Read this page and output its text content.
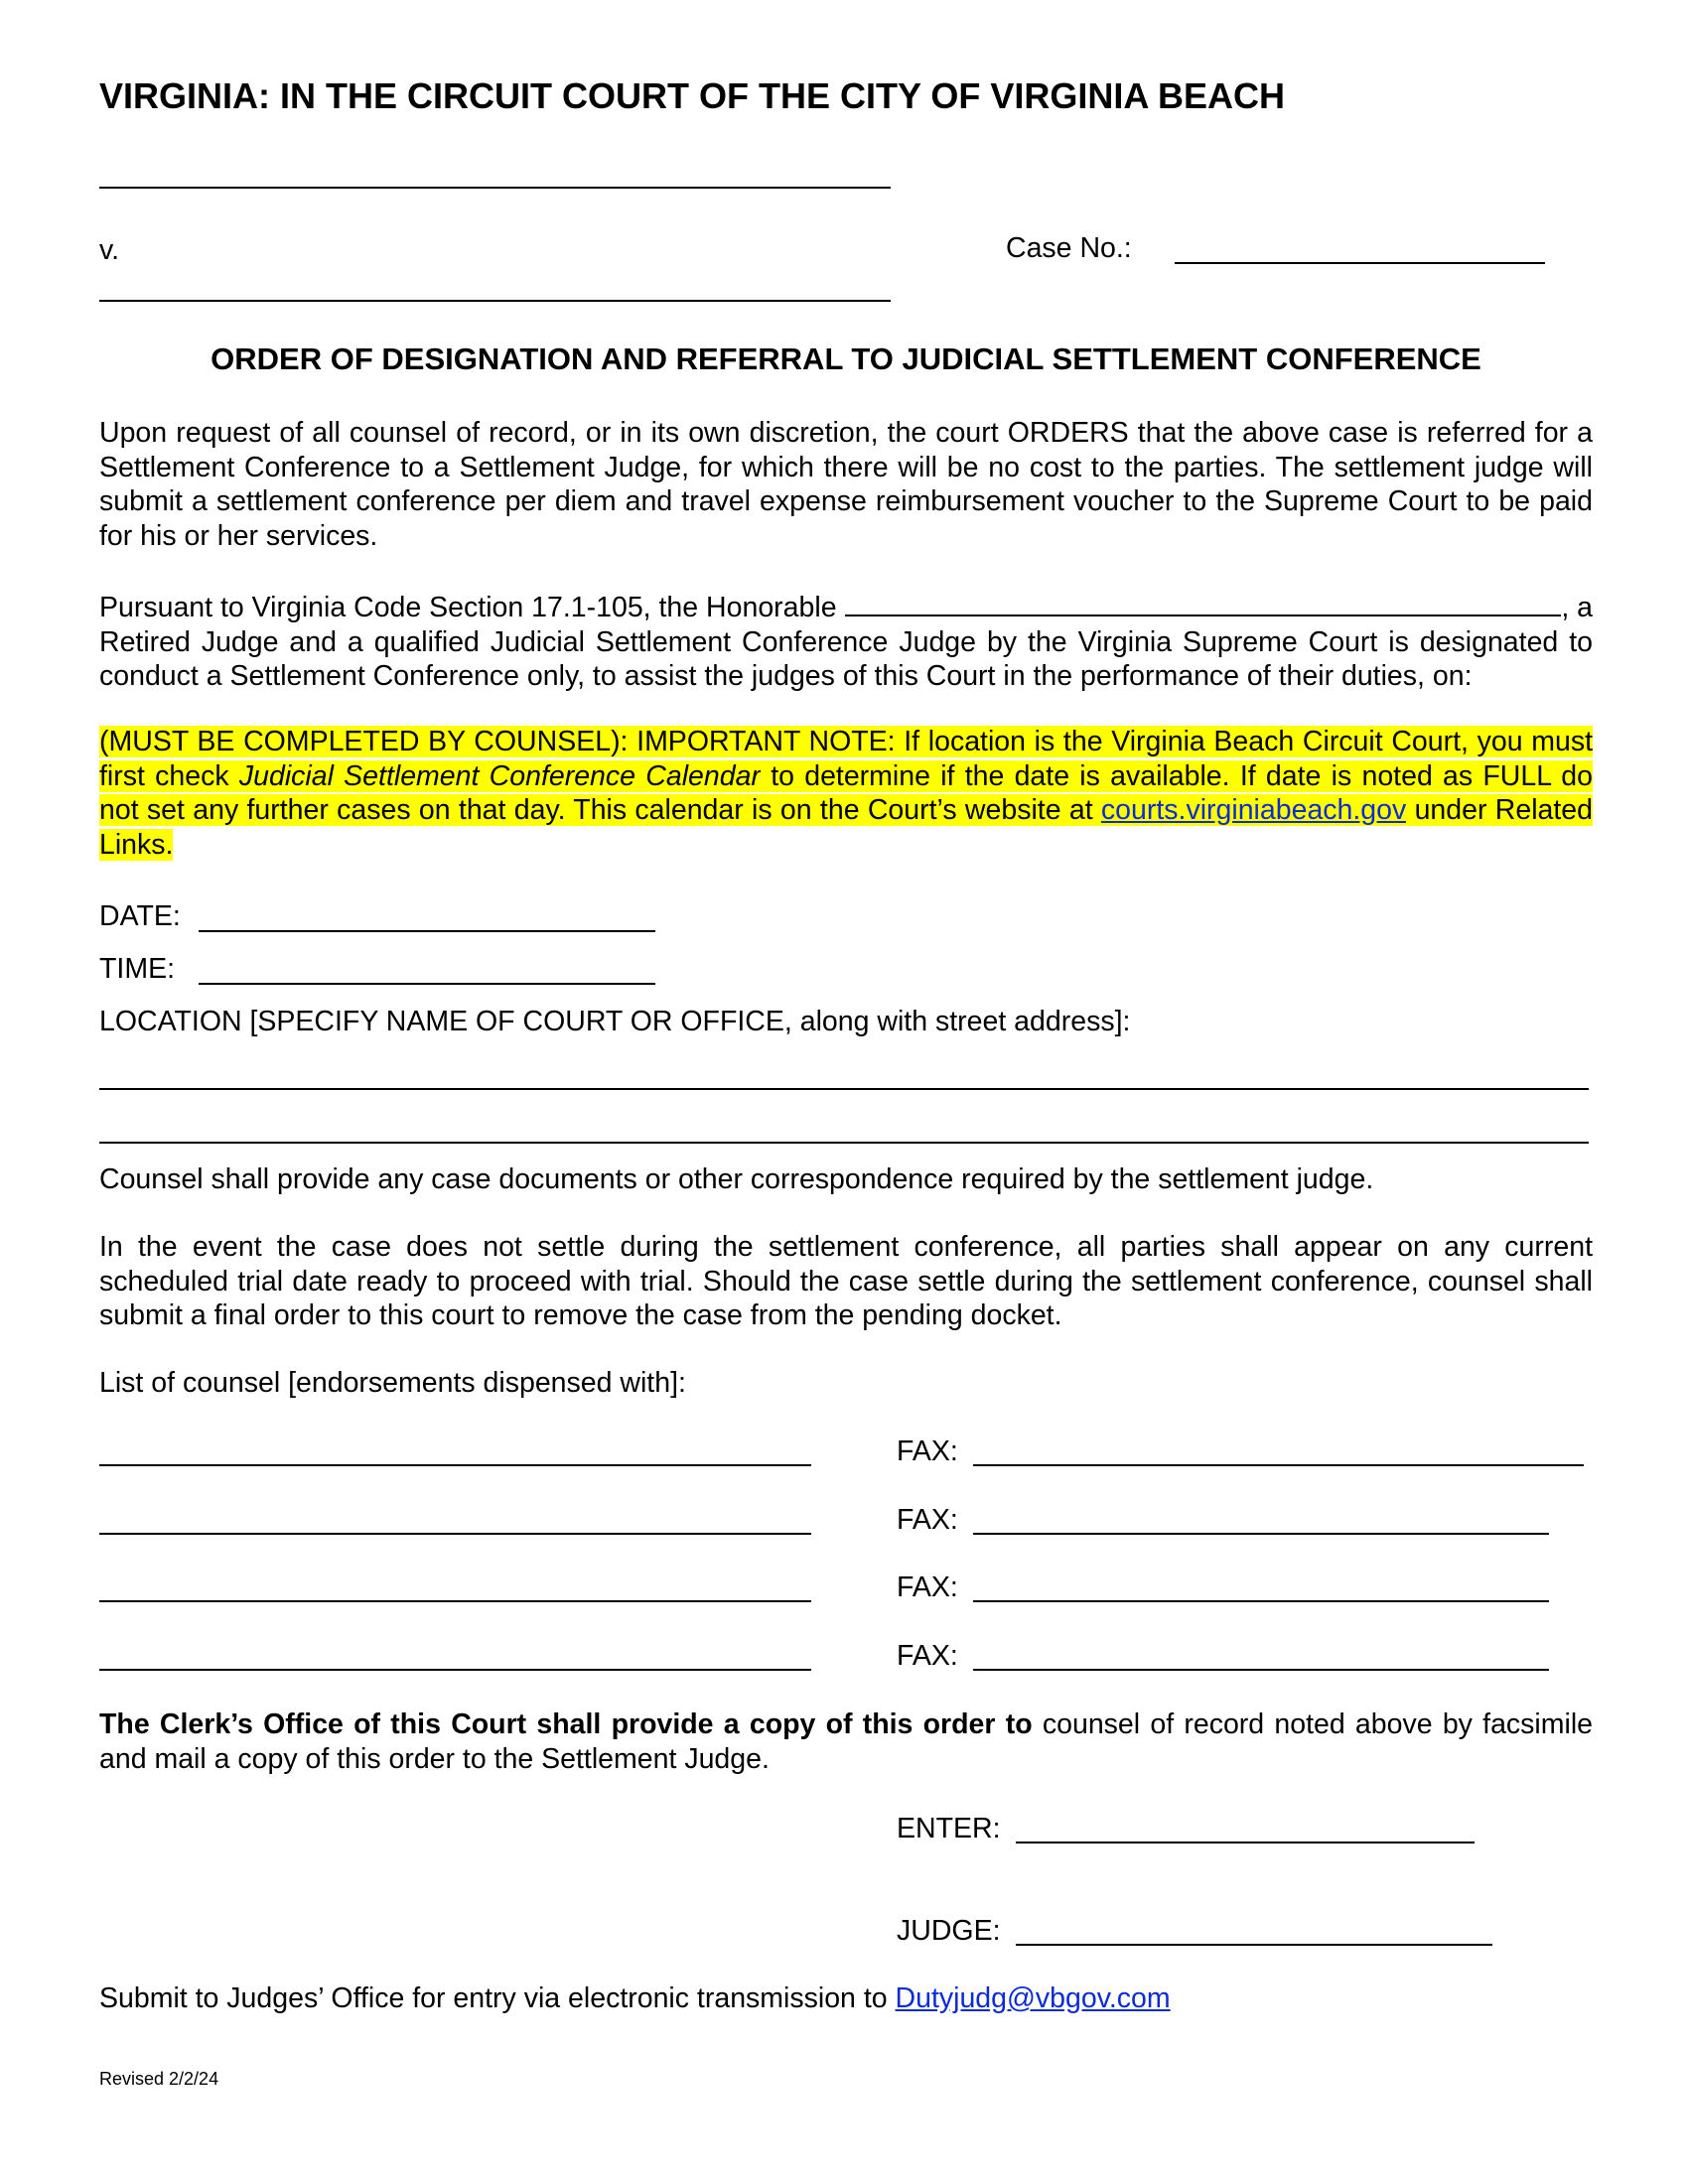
VIRGINIA: IN THE CIRCUIT COURT OF THE CITY OF VIRGINIA BEACH
v.	Case No.:
ORDER OF DESIGNATION AND REFERRAL TO JUDICIAL SETTLEMENT CONFERENCE
Upon request of all counsel of record, or in its own discretion, the court ORDERS that the above case is referred for a Settlement Conference to a Settlement Judge, for which there will be no cost to the parties. The settlement judge will submit a settlement conference per diem and travel expense reimbursement voucher to the Supreme Court to be paid for his or her services.
Pursuant to Virginia Code Section 17.1-105, the Honorable	, a
Retired Judge and a qualified Judicial Settlement Conference Judge by the Virginia Supreme Court is designated to conduct a Settlement Conference only, to assist the judges of this Court in the performance of their duties, on:
(MUST BE COMPLETED BY COUNSEL): IMPORTANT NOTE: If location is the Virginia Beach Circuit Court, you must first check Judicial Settlement Conference Calendar to determine if the date is available. If date is noted as FULL do not set any further cases on that day. This calendar is on the Court’s website at courts.virginiabeach.gov under Related Links.
DATE:
TIME:
LOCATION [SPECIFY NAME OF COURT OR OFFICE, along with street address]:
Counsel shall provide any case documents or other correspondence required by the settlement judge.
In the event the case does not settle during the settlement conference, all parties shall appear on any current scheduled trial date ready to proceed with trial. Should the case settle during the settlement conference, counsel shall submit a final order to this court to remove the case from the pending docket.
List of counsel [endorsements dispensed with]:
FAX:
FAX:
FAX:
FAX:
The Clerk’s Office of this Court shall provide a copy of this order to counsel of record noted above by facsimile and mail a copy of this order to the Settlement Judge.
ENTER:
JUDGE:
Submit to Judges’ Office for entry via electronic transmission to Dutyjudg@vbgov.com
Revised 2/2/24
